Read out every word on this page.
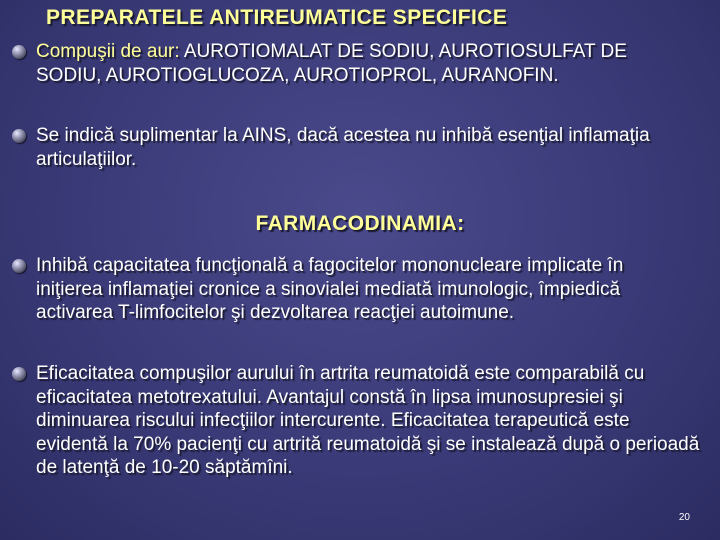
PREPARATELE ANTIREUMATICE SPECIFICE
Compuşii de aur: AUROTIOMALAT DE SODIU, AUROTIOSULFAT DE SODIU, AUROTIOGLUCOZA, AUROTIOPROL, AURANOFIN.
Se indică suplimentar la AINS, dacă acestea nu inhibă esenţial inflamaţia articulaţiilor.
FARMACODINAMIA:
Inhibă capacitatea funcţională a fagocitelor mononucleare implicate în iniţierea inflamaţiei cronice a sinovialei mediată imunologic, împiedică activarea T-limfocitelor şi dezvoltarea reacţiei autoimune.
Eficacitatea compuşilor aurului în artrita reumatoidă este comparabilă cu eficacitatea metotrexatului. Avantajul constă în lipsa imunosupresiei şi diminuarea riscului infecţiilor intercurente. Eficacitatea terapeutică este evidentă la 70% pacienţi cu artrită reumatoidă şi se instalează după o perioadă de latenţă de 10-20 săptămîni.
20
